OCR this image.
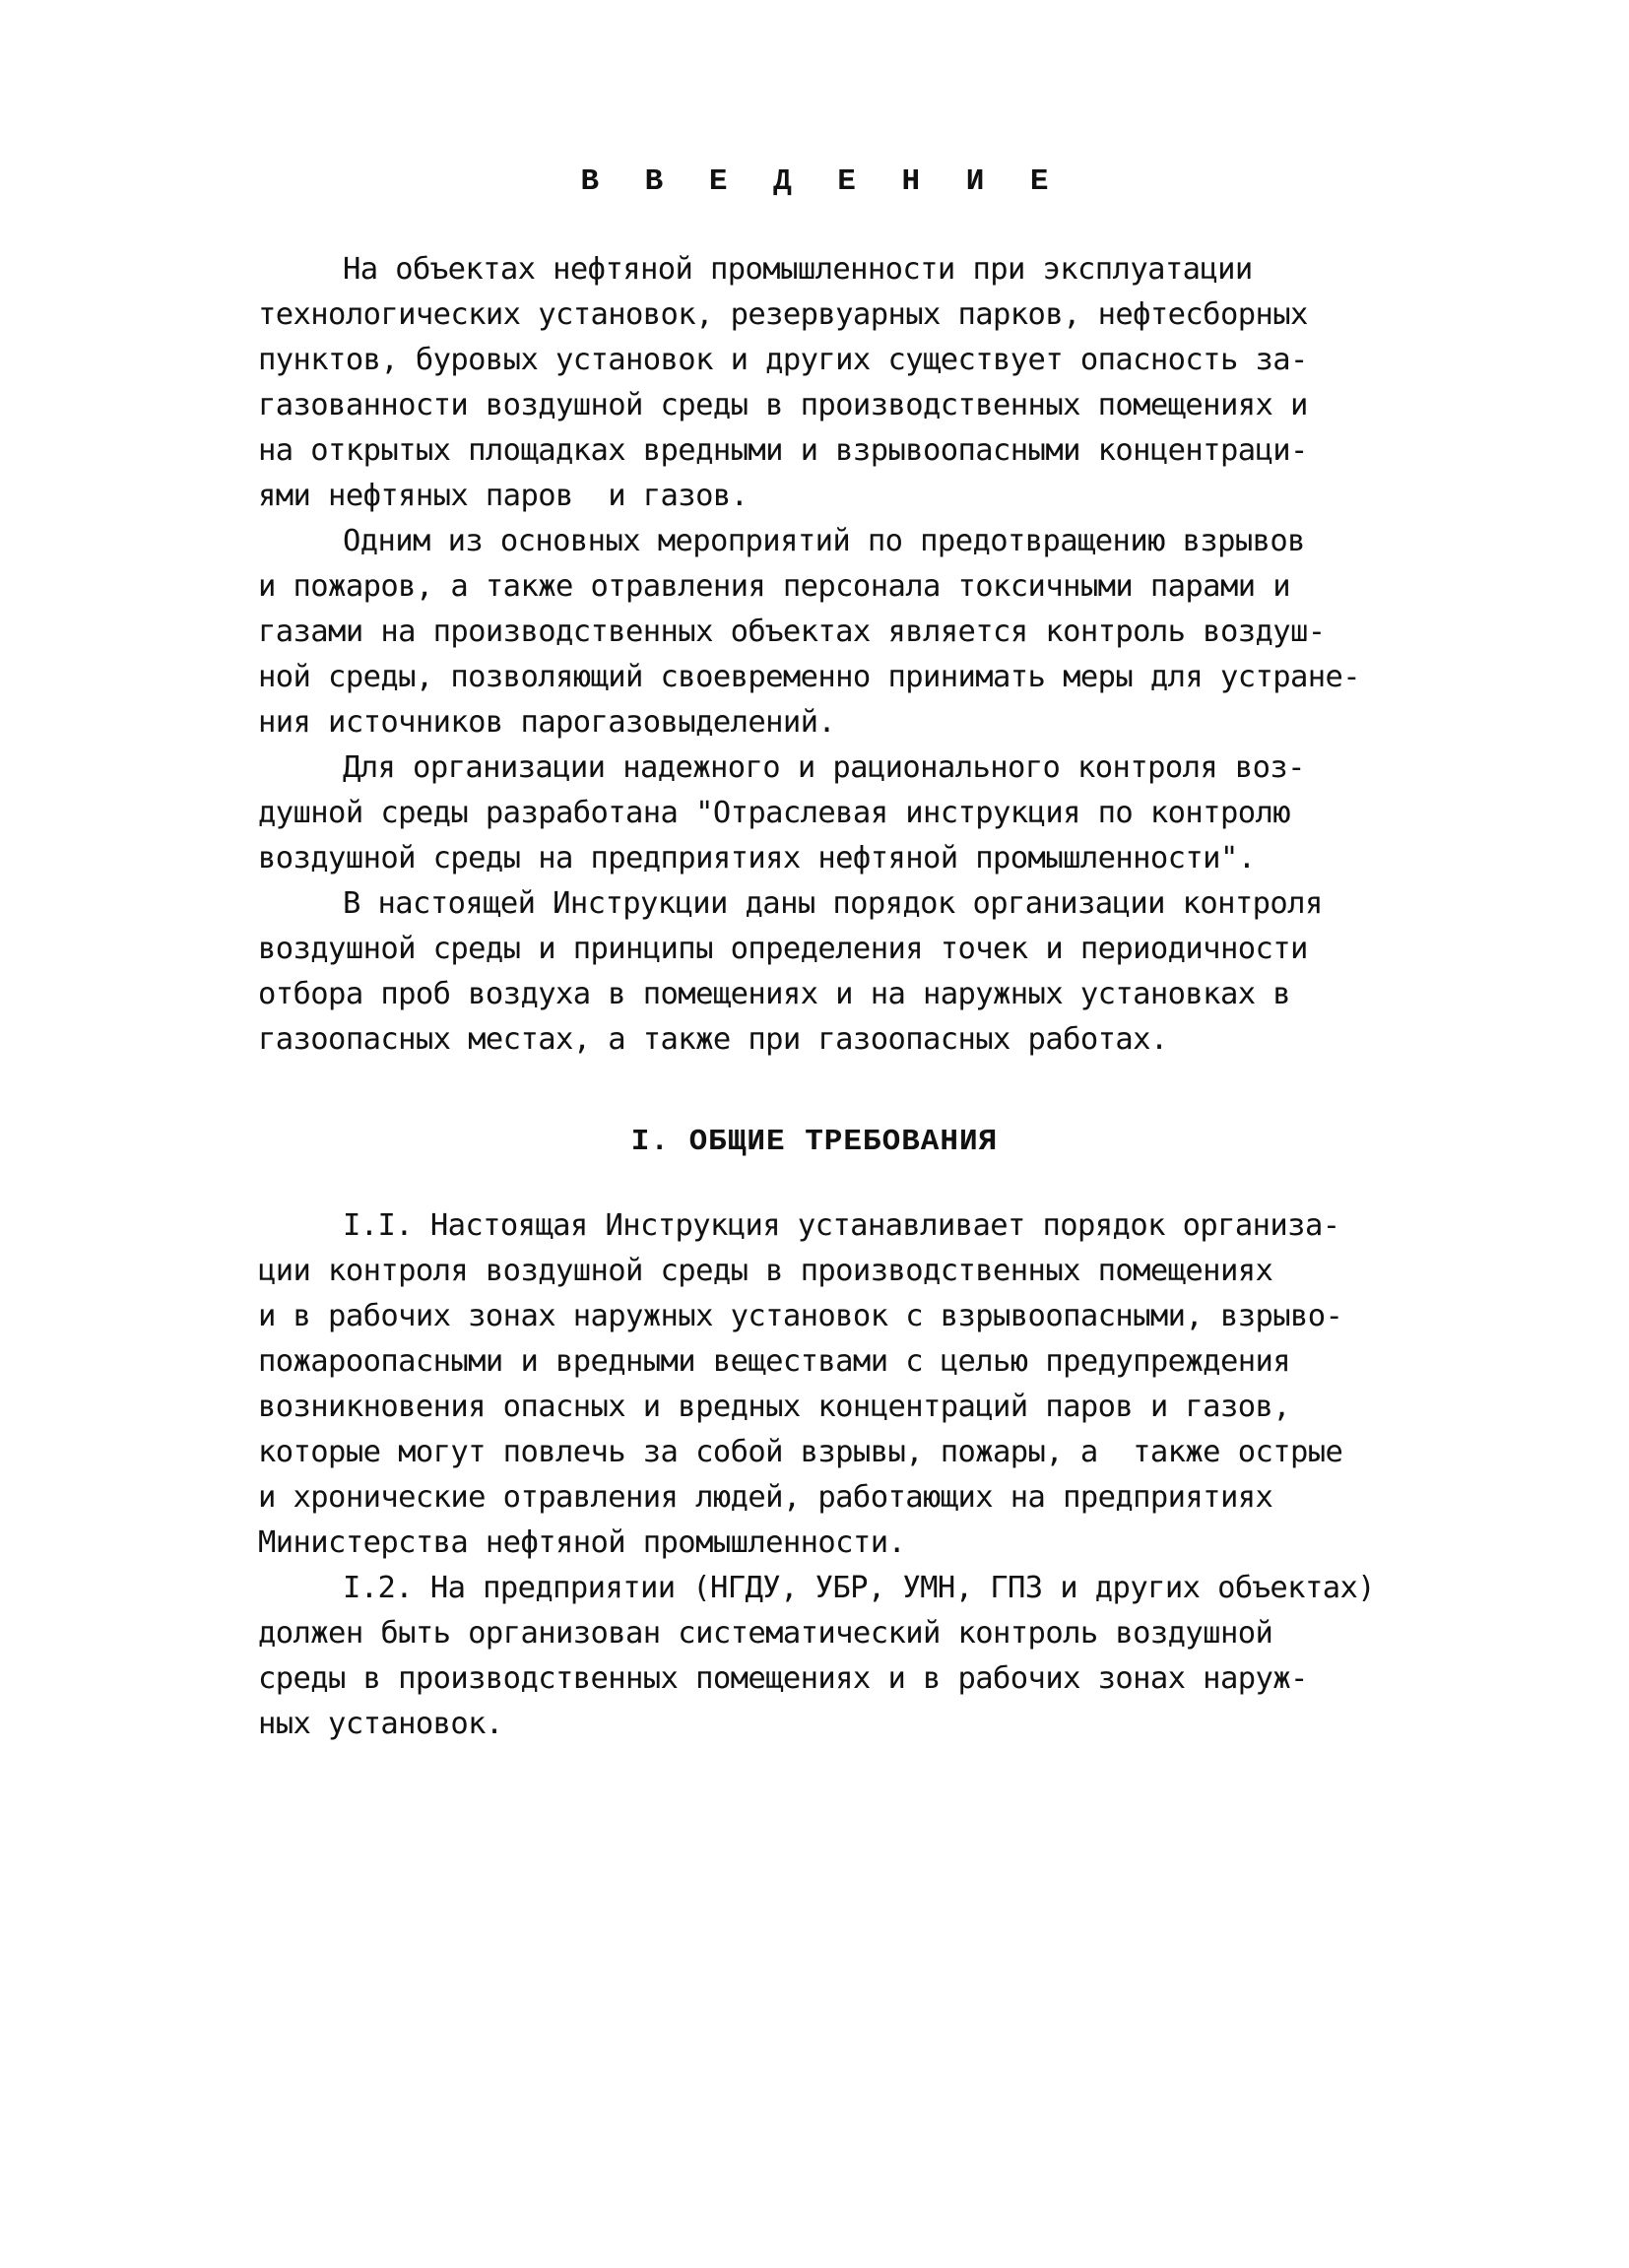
В В Е Д Е Н И Е
На объектах нефтяной промышленности при эксплуатации
технологических установок, резервуарных парков, нефтесборных
пунктов, буровых установок и других существует опасность за-
газованности воздушной среды в производственных помещениях и
на открытых площадках вредными и взрывоопасными концентраци-
ями нефтяных паров  и газов.
Одним из основных мероприятий по предотвращению взрывов
и пожаров, а также отравления персонала токсичными парами и
газами на производственных объектах является контроль воздуш-
ной среды, позволяющий своевременно принимать меры для устране-
ния источников парогазовыделений.
Для организации надежного и рационального контроля воз-
душной среды разработана "Отраслевая инструкция по контролю
воздушной среды на предприятиях нефтяной промышленности".
В настоящей Инструкции даны порядок организации контроля
воздушной среды и принципы определения точек и периодичности
отбора проб воздуха в помещениях и на наружных установках в
газоопасных местах, а также при газоопасных работах.
I. ОБЩИЕ ТРЕБОВАНИЯ
I.I. Настоящая Инструкция устанавливает порядок организа-
ции контроля воздушной среды в производственных помещениях
и в рабочих зонах наружных установок с взрывоопасными, взрыво-
пожароопасными и вредными веществами с целью предупреждения
возникновения опасных и вредных концентраций паров и газов,
которые могут повлечь за собой взрывы, пожары, а  также острые
и хронические отравления людей, работающих на предприятиях
Министерства нефтяной промышленности.
I.2. На предприятии (НГДУ, УБР, УМН, ГПЗ и других объектах)
должен быть организован систематический контроль воздушной
среды в производственных помещениях и в рабочих зонах наруж-
ных установок.
